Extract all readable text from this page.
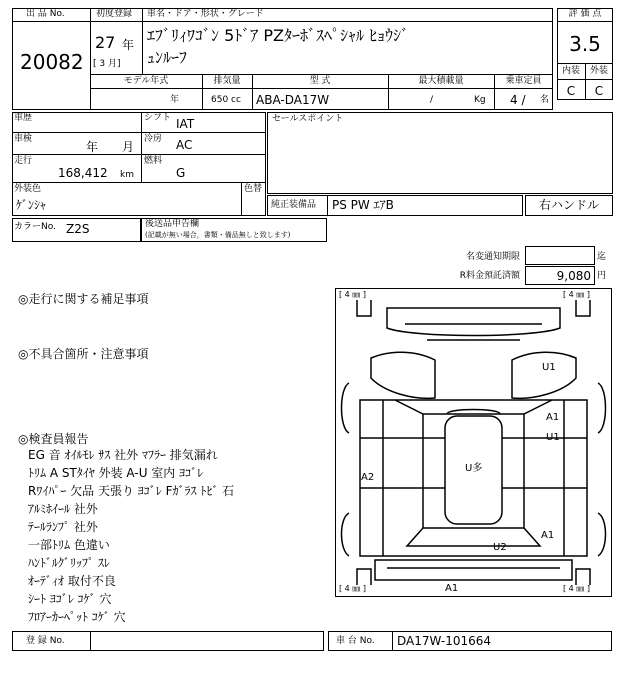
出 品 No.
20082
初度登録
27 年
[ 3 月]
車名・ドア・形状・グレード
ｴﾌﾞﾘｨﾜｺﾞﾝ 5ﾄﾞｱ PZﾀｰﾎﾞｽﾍﾟｼｬﾙ ﾋｮｳｼﾞ
ｭﾝﾙｰﾌ
評 価 点
3.5
内装	外装
C	C
モデル年式
年
排気量
650 cc
型 式
ABA-DA17W
最大積載量
/	Kg
乗車定員
4 / 名
車歴	シフト IAT
車検
年 月
冷房 AC
走行
168,412 km
燃料
G
外装色
ｹﾞﾝｼｬ
色替
セールスポイント
純正装備品 PS PW ｴｱB	右ハンドル
カラーNo. Z2S	後送品申告欄
(記載が無い場合，書類・備品無しと致します)
名変通知期限	迄
R料金預託済額	9,080 円
◎走行に関する補足事項
◎不具合箇所・注意事項
◎検査員報告
EG 音 ｵｲﾙﾓﾚ ｻｽ 社外 ﾏﾌﾗｰ 排気漏れ
ﾄﾘﾑ A STﾀｲﾔ 外装 A-U 室内 ﾖｺﾞﾚ
Rﾜｲﾊﾟｰ 欠品 天張り ﾖｺﾞﾚ Fｶﾞﾗｽ ﾄﾋﾞ 石
ｱﾙﾐﾎｲｰﾙ 社外
ﾃｰﾙﾗﾝﾌﾟ 社外
一部ﾄﾘﾑ 色違い
ﾊﾝﾄﾞﾙｸﾞﾘｯﾌﾟ ｽﾚ
ｵｰﾃﾞｨｵ 取付不良
ｼｰﾄ ﾖｺﾞﾚ ｺｹﾞ 穴
ﾌﾛｱｰｶｰﾍﾟｯﾄ ｺｹﾞ 穴
[ 4 ㎜ ]	[ 4 ㎜ ]
[ 4 ㎜ ]	[ 4 ㎜ ]
U1
A1
U1
A2
U多
A1
U2
A1
登 録 No.	車 台 No. DA17W-101664
